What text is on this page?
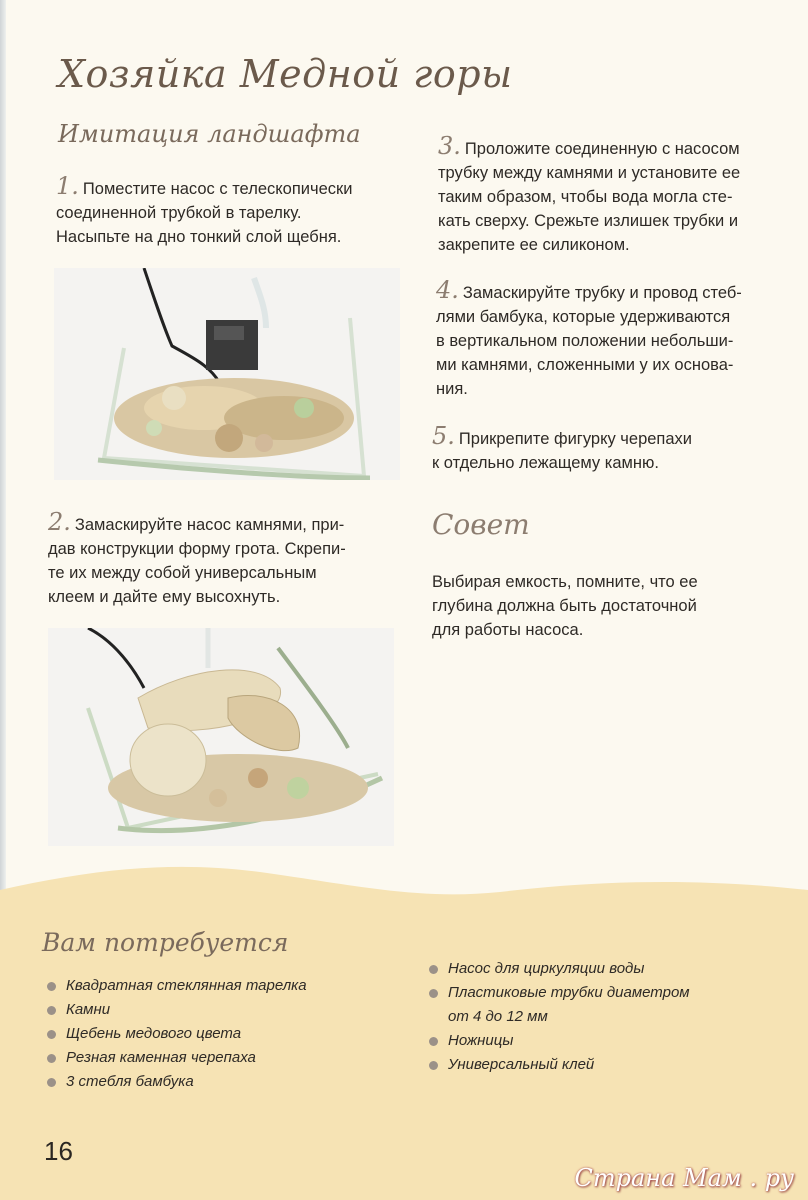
Хозяйка Медной горы
Имитация ландшафта
1. Поместите насос с телескопически
соединенной трубкой в тарелку.
Насыпьте на дно тонкий слой щебня.
2. Замаскируйте насос камнями, при-
дав конструкции форму грота. Скрепи-
те их между собой универсальным
клеем и дайте ему высохнуть.
3. Проложите соединенную с насосом
трубку между камнями и установите ее
таким образом, чтобы вода могла сте-
кать сверху. Срежьте излишек трубки и
закрепите ее силиконом.
4. Замаскируйте трубку и провод стеб-
лями бамбука, которые удерживаются
в вертикальном положении небольши-
ми камнями, сложенными у их основа-
ния.
5. Прикрепите фигурку черепахи
к отдельно лежащему камню.
Совет
Выбирая емкость, помните, что ее
глубина должна быть достаточной
для работы насоса.
Вам потребуется
Квадратная стеклянная тарелка
Камни
Щебень медового цвета
Резная каменная черепаха
3 стебля бамбука
Насос для циркуляции воды
Пластиковые трубки диаметром
от 4 до 12 мм
Ножницы
Универсальный клей
16
Страна Мам . ру
